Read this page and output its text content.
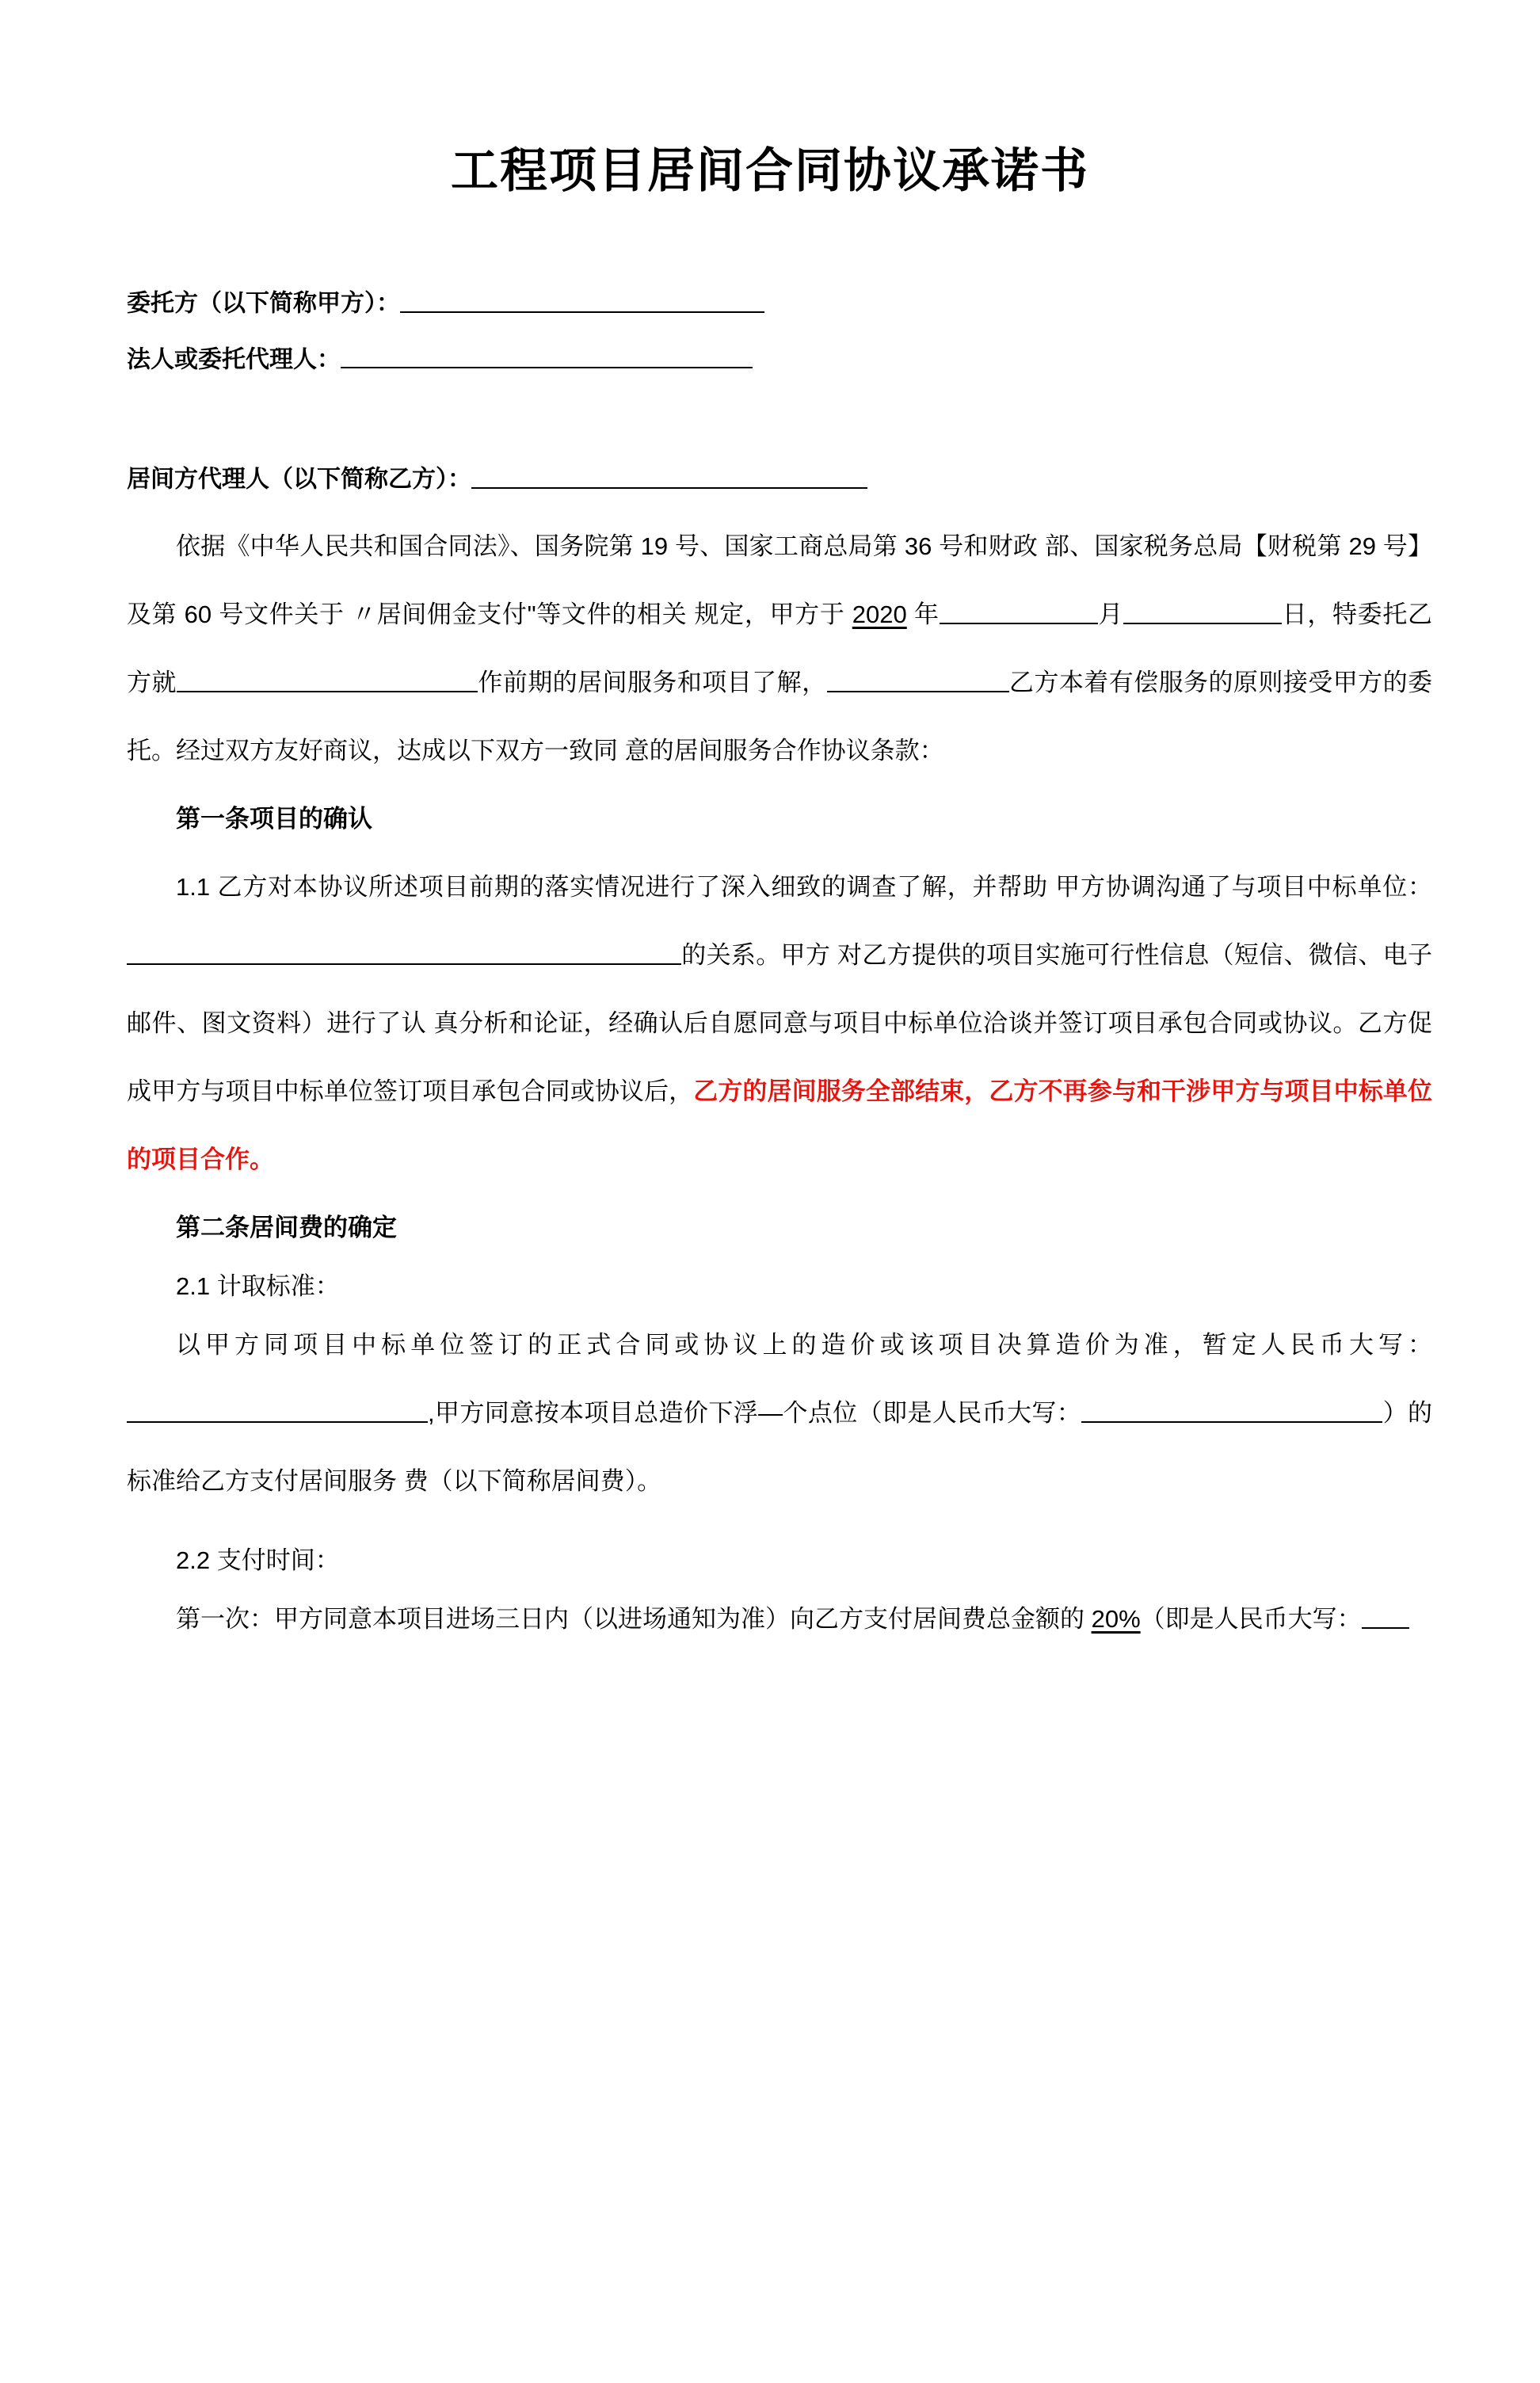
工程项目居间合同协议承诺书

委托方（以下简称甲方）：

法人或委托代理人：

居间方代理人（以下简称乙方）：

依据《中华人民共和国合同法》、国务院第 19 号、国家工商总局第 36 号和财政 部、国家税务总局【财税第 29 号】及第 60 号文件关于 〃居间佣金支付"等文件的相关 规定，甲方于 2020 年	月	日，特委托乙方就	作前期的居间服务和项目了解，	乙方本着有偿服务的原则接受甲方的委托。经过双方友好商议，达成以下双方一致同 意的居间服务合作协议条款：

第一条项目的确认

1.1 乙方对本协议所述项目前期的落实情况进行了深入细致的调查了解，并帮助 甲方协调沟通了与项目中标单位：的关系。甲方 对乙方提供的项目实施可行性信息（短信、微信、电子邮件、图文资料）进行了认 真分析和论证，经确认后自愿同意与项目中标单位洽谈并签订项目承包合同或协议。乙方促成甲方与项目中标单位签订项目承包合同或协议后，乙方的居间服务全部结束，乙方不再参与和干涉甲方与项目中标单位的项目合作。

第二条居间费的确定

2.1 计取标准：

以甲方同项目中标单位签订的正式合同或协议上的造价或该项目决算造价为准，暂定人民币大写：,甲方同意按本项目总造价下浮—个点位（即是人民币大写：	）的标准给乙方支付居间服务 费（以下简称居间费）。

2.2 支付时间：

第一次：甲方同意本项目进场三日内（以进场通知为准）向乙方支付居间费总金额的 20%（即是人民币大写：
